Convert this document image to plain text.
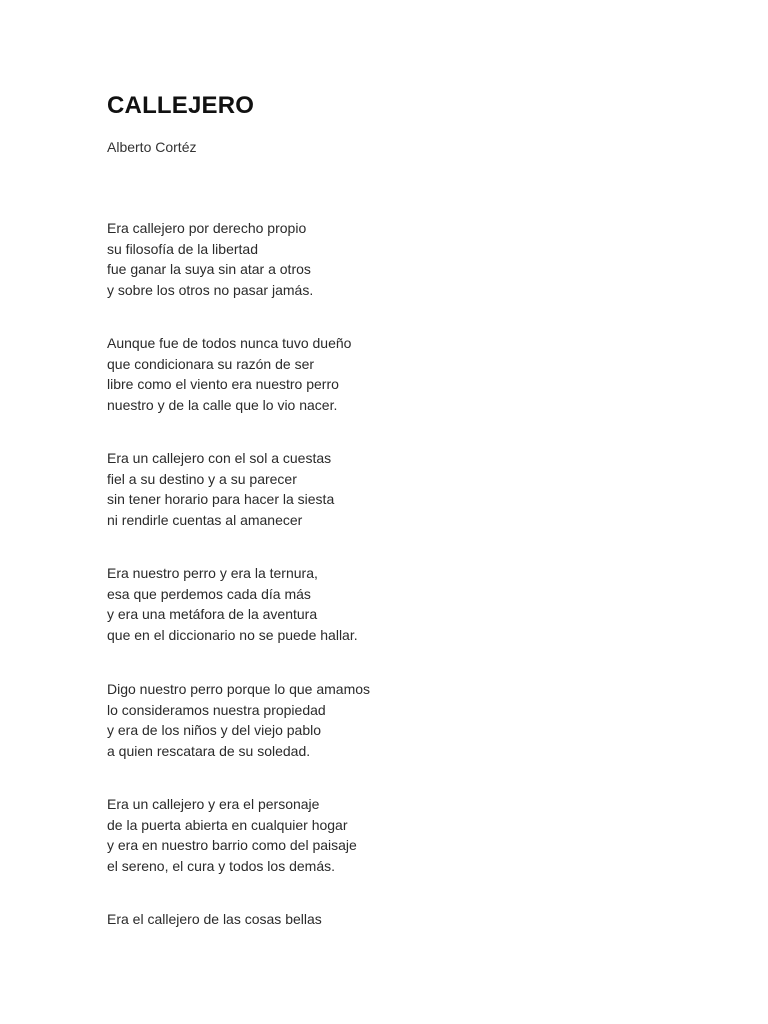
CALLEJERO

Alberto Cortéz

Era callejero por derecho propio
su filosofía de la libertad
fue ganar la suya sin atar a otros
y sobre los otros no pasar jamás.
Aunque fue de todos nunca tuvo dueño
que condicionara su razón de ser
libre como el viento era nuestro perro
nuestro y de la calle que lo vio nacer.
Era un callejero con el sol a cuestas
fiel a su destino y a su parecer
sin tener horario para hacer la siesta
ni rendirle cuentas al amanecer
Era nuestro perro y era la ternura,
esa que perdemos cada día más
y era una metáfora de la aventura
que en el diccionario no se puede hallar.
Digo nuestro perro porque lo que amamos
lo consideramos nuestra propiedad
y era de los niños y del viejo pablo
a quien rescatara de su soledad.
Era un callejero y era el personaje
de la puerta abierta en cualquier hogar
y era en nuestro barrio como del paisaje
el sereno, el cura y todos los demás.
Era el callejero de las cosas bellas
